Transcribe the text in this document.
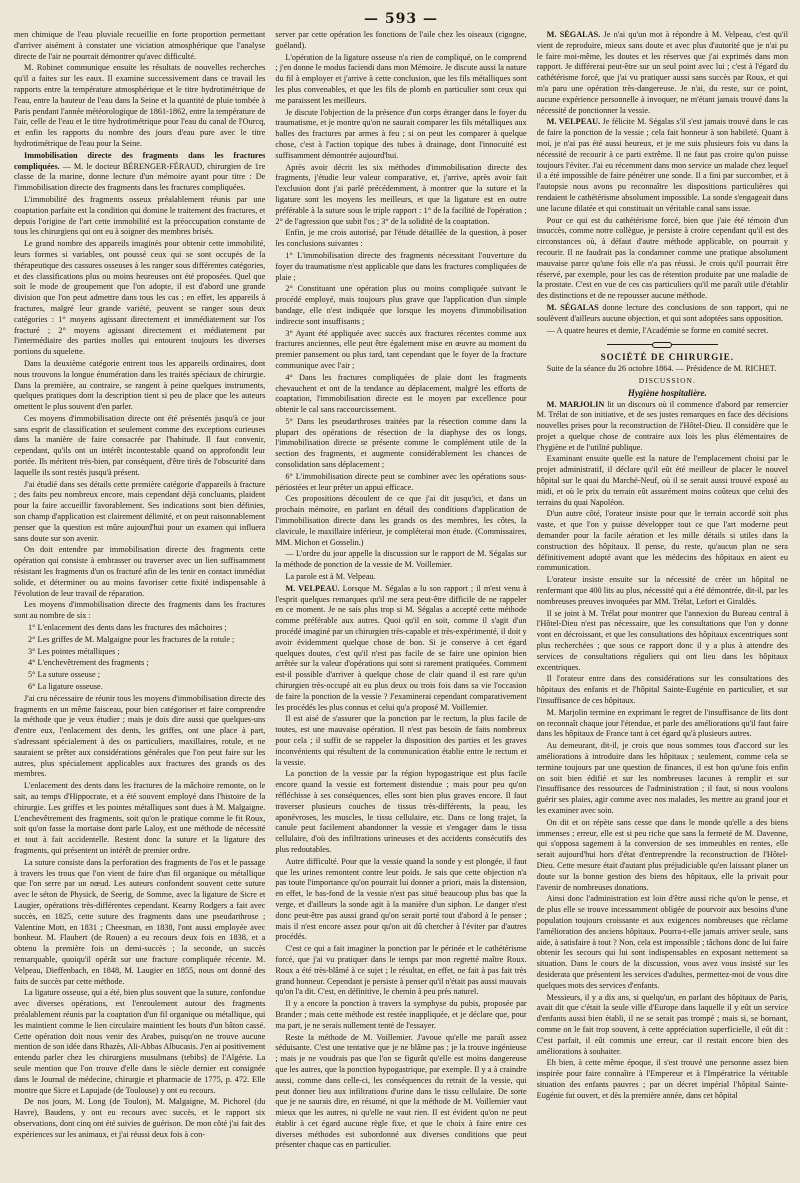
— 593 —

men chimique de l'eau pluviale recueillie en forte proportion permettant d'arriver aisément à constater une viciation atmosphérique que l'analyse directe de l'air ne pourrait démontrer qu'avec difficulté.

M. Robinet communique ensuite les résultats de nouvelles recherches qu'il a faites sur les eaux. Il examine successivement dans ce travail les rapports entre la température atmosphérique et le titre hydrotimétrique de l'eau, entre la hauteur de l'eau dans la Seine et la quantité de pluie tombée à Paris pendant l'année météorologique de 1861-1862, entre la température de l'air, celle de l'eau et le titre hydrotimétrique pour l'eau du canal de l'Ourcq, et enfin les rapports du nombre des jours d'eau pure avec le titre hydrotimétrique de l'eau pour la Seine.

Immobilisation directe des fragments dans les fractures compliquées. — M. le docteur BÉRENGER-FÉRAUD, chirurgien de 1re classe de la marine, donne lecture d'un mémoire ayant pour titre : De l'immobilisation directe des fragments dans les fractures compliquées.

L'immobilité des fragments osseux préalablement réunis par une coaptation parfaite est la condition qui domine le traitement des fractures, et depuis l'origine de l'art cette immobilité est la préoccupation constante de tous les chirurgiens qui ont eu à soigner des membres brisés.

Le grand nombre des appareils imaginés pour obtenir cette immobilité, leurs formes si variables, ont poussé ceux qui se sont occupés de la thérapeutique des cassures osseuses à les ranger sous différentes catégories, et des classifications plus ou moins heureuses ont été proposées. Quel que soit le mode de groupement que l'on adopte, il est d'abord une grande division que l'on peut admettre dans tous les cas ; en effet, les appareils à fractures, malgré leur grande variété, peuvent se ranger sous deux catégories : 1° moyens agissant directement et immédiatement sur l'os fracturé ; 2° moyens agissant directement et médiatement par l'intermédiaire des parties molles qui entourent toujours les diverses portions du squelette.

Dans la deuxième catégorie entrent tous les appareils ordinaires, dont nous trouvons la longue énumération dans les traités spéciaux de chirurgie. Dans la première, au contraire, se rangent à peine quelques instruments, quelques pratiques dont la description tient si peu de place que les auteurs omettent le plus souvent d'en parler.

Ces moyens d'immobilisation directe ont été présentés jusqu'à ce jour sans esprit de classification et seulement comme des exceptions curieuses dans la manière de faire consacrée par l'habitude. Il faut convenir, cependant, qu'ils ont un intérêt incontestable quand on approfondit leur portée. Ils méritent très-bien, par conséquent, d'être tirés de l'obscurité dans laquelle ils sont restés jusqu'à présent.

J'ai étudié dans ses détails cette première catégorie d'appareils à fracture ; des faits peu nombreux encore, mais cependant déjà concluants, plaident pour la faire accueillir favorablement. Ses indications sont bien définies, son champ d'application est clairement délimité, et on peut raisonnablement penser que la question est mûre aujourd'hui pour un examen qui influera sans doute sur son avenir.

On doit entendre par immobilisation directe des fragments cette opération qui consiste à embrasser ou traverser avec un lien suffisamment résistant les fragments d'un os fracturé afin de les tenir en contact immédiat solide, et déterminer ou au moins favoriser cette fixité indispensable à l'évolution de leur travail de réparation.

Les moyens d'immobilisation directe des fragments dans les fractures sont au nombre de six :

1° L'enlacement des dents dans les fractures des mâchoires ;

2° Les griffes de M. Malgaigne pour les fractures de la rotule ;

3° Les pointes métalliques ;

4° L'enchevêtrement des fragments ;

5° La suture osseuse ;

6° La ligature osseuse.

J'ai cru nécessaire de réunir tous les moyens d'immobilisation directe des fragments en un même faisceau, pour bien catégoriser et faire comprendre la méthode que je veux étudier ; mais je dois dire aussi que quelques-uns d'entre eux, l'enlacement des dents, les griffes, ont une place à part, s'adressant spécialement à des os particuliers, maxillaires, rotule, et ne sauraient se prêter aux considérations générales que l'on peut faire sur les autres, plus spécialement applicables aux fractures des grands os des membres.

L'enlacement des dents dans les fractures de la mâchoire remonte, on le sait, au temps d'Hippocrate, et a été souvent employé dans l'histoire de la chirurgie. Les griffes et les pointes métalliques sont dues à M. Malgaigne. L'enchevêtrement des fragments, soit qu'on le pratique comme le fit Roux, soit qu'on fasse la mortaise dont parle Laloy, est une méthode de nécessité et tout à fait accidentelle. Restent donc la suture et la ligature des fragments, qui présentent un intérêt de premier ordre.

La suture consiste dans la perforation des fragments de l'os et le passage à travers les trous que l'on vient de faire d'un fil organique ou métallique que l'on serre par un nœud. Les auteurs confondent souvent cette suture avec le séton de Physick, de Seerig, de Somme, avec la ligature de Sicre et Laugier, opérations très-différentes cependant. Kearny Rodgers a fait avec succès, en 1825, cette suture des fragments dans une pseudarthrose ; Valentine Mott, en 1831 ; Cheesman, en 1838, l'ont aussi employée avec bonheur. M. Flaubert (de Rouen) a eu recours deux fois en 1838, et a obtenu la première fois un demi-succès ; la seconde, un succès remarquable, quoiqu'il opérât sur une fracture compliquée récente. M. Velpeau, Dieffenbach, en 1848, M. Laugier en 1855, nous ont donné des faits de succès par cette méthode.

La ligature osseuse, qui a été, bien plus souvent que la suture, confondue avec diverses opérations, est l'enroulement autour des fragments préalablement réunis par la coaptation d'un fil organique ou métallique, qui les maintient comme le lien circulaire maintient les bouts d'un bâton cassé. Cette opération doit nous venir des Arabes, puisqu'on ne trouve aucune mention de son idée dans Rhazès, Ali-Abbas Albucasis. J'en ai positivement entendu parler chez les chirurgiens musulmans (tebibs) de l'Algérie. La seule mention que l'on trouve d'elle dans le siècle dernier est consignée dans le Journal de médecine, chirurgie et pharmacie de 1775, p. 472. Elle montre que Sicre et Lapujade (de Toulouse) y ont eu recours.

De nos jours, M. Long (de Toulon), M. Malgaigne, M. Pichorel (du Havre), Baudens, y ont eu recours avec succès, et le rapport six observations, dont cinq ont été suivies de guérison. De mon côté j'ai fait des expériences sur les animaux, et j'ai réussi deux fois à con-

server par cette opération les fonctions de l'aile chez les oiseaux (cigogne, goéland).

L'opération de la ligature osseuse n'a rien de compliqué, on le comprend ; j'en donne le modus faciendi dans mon Mémoire. Je discute aussi la nature du fil à employer et j'arrive à cette conclusion, que les fils métalliques sont les plus convenables, et que les fils de plomb en particulier sont ceux qui me paraissent les meilleurs.

Je discute l'objection de la présence d'un corps étranger dans le foyer du traumatisme, et je montre qu'on ne saurait comparer les fils métalliques aux balles des fractures par armes à feu ; si on peut les comparer à quelque chose, c'est à l'action topique des tubes à drainage, dont l'innocuité est suffisamment démontrée aujourd'hui.

Après avoir décrit les six méthodes d'immobilisation directe des fragments, j'étudie leur valeur comparative, et, j'arrive, après avoir fait l'exclusion dont j'ai parlé précédemment, à montrer que la suture et la ligature sont les moyens les meilleurs, et que la ligature est en outre préférable à la suture sous le triple rapport : 1° de la facilité de l'opération ; 2° de l'agression que subit l'os ; 3° de la solidité de la coaptation.

Enfin, je me crois autorisé, par l'étude détaillée de la question, à poser les conclusions suivantes :

1° L'immobilisation directe des fragments nécessitant l'ouverture du foyer du traumatisme n'est applicable que dans les fractures compliquées de plaie ;

2° Constituant une opération plus ou moins compliquée suivant le procédé employé, mais toujours plus grave que l'application d'un simple bandage, elle n'est indiquée que lorsque les moyens d'immobilisation indirecte sont insuffisants ;

3° Ayant été appliquée avec succès aux fractures récentes comme aux fractures anciennes, elle peut être également mise en œuvre au moment du premier pansement ou plus tard, tant cependant que le foyer de la fracture communique avec l'air ;

4° Dans les fractures compliquées de plaie dont les fragments chevauchent et ont de la tendance au déplacement, malgré les efforts de coaptation, l'immobilisation directe est le moyen par excellence pour obtenir le cal sans raccourcissement.

5° Dans les pseudarthroses traitées par la résection comme dans la plupart des opérations de résection de la diaphyse des os longs, l'immobilisation directe se présente comme le complément utile de la section des fragments, et augmente considérablement les chances de consolidation sans déplacement ;

6° L'immobilisation directe peut se combiner avec les opérations sous-périostées et leur prêter un appui efficace.

Ces propositions découlent de ce que j'ai dit jusqu'ici, et dans un prochain mémoire, en parlant en détail des conditions d'application de l'immobilisation directe dans les grands os des membres, les côtes, la clavicule, le maxillaire inférieur, je compléterai mon étude. (Commissaires, MM. Michon et Gosselin.)

— L'ordre du jour appelle la discussion sur le rapport de M. Ségalas sur la méthode de ponction de la vessie de M. Voillemier.

La parole est à M. Velpeau.

M. VELPEAU. Lorsque M. Ségalas a lu son rapport ; il m'est venu à l'esprit quelques remarques qu'il me sera peut-être difficile de ne rappeler en ce moment. Je ne sais plus trop si M. Ségalas a accepté cette méthode comme préférable aux autres. Quoi qu'il en soit, comme il s'agit d'un procédé imaginé par un chirurgien très-capable et très-expérimenté, il doit y avoir évidemment quelque chose de bon. Si je conserve à cet égard quelques doutes, c'est qu'il n'est pas facile de se faire une opinion bien arrêtée sur la valeur d'opérations qui sont si rarement pratiquées. Comment est-il possible d'arriver à quelque chose de clair quand il est rare qu'un chirurgien très-occupé ait eu plus deux ou trois fois dans sa vie l'occasion de faire la ponction de la vessie ? J'examinerai cependant comparativement les procédés les plus connus et celui qu'a proposé M. Voillemier.

Il est aisé de s'assurer que la ponction par le rectum, la plus facile de toutes, est une mauvaise opération. Il n'est pas besoin de faits nombreux pour cela ; il suffit de se rappeler la disposition des parties et les graves inconvénients qui résultent de la communication établie entre le rectum et la vessie.

La ponction de la vessie par la région hypogastrique est plus facile encore quand la vessie est fortement distendue ; mais pour peu qu'on réfléchisse à ses conséquences, elles sont bien plus graves encore. Il faut traverser plusieurs couches de tissus très-différents, la peau, les aponévroses, les muscles, le tissu cellulaire, etc. Dans ce long trajet, la canule peut facilement abandonner la vessie et s'engager dans le tissu cellulaire, d'où des infiltrations urineuses et des accidents consécutifs des plus redoutables.

Autre difficulté. Pour que la vessie quand la sonde y est plongée, il faut que les urines remontent contre leur poids. Je sais que cette objection n'a pas toute l'importance qu'on pourrait lui donner a priori, mais la distension, en effet, le bas-fond de la vessie n'est pas situé beaucoup plus bas que la verge, et d'ailleurs la sonde agit à la manière d'un siphon. Le danger n'est donc peut-être pas aussi grand qu'on serait porté tout d'abord à le penser ; mais il n'est encore assez pour qu'on ait dû chercher à l'éviter par d'autres procédés.

C'est ce qui a fait imaginer la ponction par le périnée et le cathétérisme forcé, que j'ai vu pratiquer dans le temps par mon regretté maître Roux. Roux a été très-blâmé à ce sujet ; le résultat, en effet, ne fait à pas fait très grand honneur. Cependant je persiste à penser qu'il n'était pas aussi mauvais qu'on l'a dit. C'est, en définitive, le chemin à peu près naturel.

Il y a encore la ponction à travers la symphyse du pubis, proposée par Brander ; mais cette méthode est restée inappliquée, et je déclare que, pour ma part, je ne serais nullement tenté de l'essayer.

Reste la méthode de M. Voillemier. J'avoue qu'elle me paraît assez séduisante. C'est une tentative que je ne blâme pas ; je la trouve ingénieuse ; mais je ne voudrais pas que l'on se figurât qu'elle est moins dangereuse que les autres, que la ponction hypogastrique, par exemple. Il y a à craindre aussi, comme dans celle-ci, les conséquences du retrait de la vessie, qui peut donner lieu aux infiltrations d'urine dans le tissu cellulaire. De sorte que je ne saurais dire, en résumé, ni que la méthode de M. Voillemier vaut mieux que les autres, ni qu'elle ne vaut rien. Il est évident qu'on ne peut établir à cet égard aucune règle fixe, et que le choix à faire entre ces diverses méthodes est subordonné aux diverses conditions que peut présenter chaque cas en particulier.

M. SÉGALAS. Je n'ai qu'un mot à répondre à M. Velpeau, c'est qu'il vient de reproduire, mieux sans doute et avec plus d'autorité que je n'ai pu le faire moi-même, les doutes et les réserves que j'ai exprimés dans mon rapport. Je différerai peut-être sur un seul point avec lui ; c'est à l'égard du cathétérisme forcé, que j'ai vu pratiquer aussi sans succès par Roux, et qui m'a paru une opération très-dangereuse. Je n'ai, du reste, sur ce point, aucune expérience personnelle à invoquer, ne m'étant jamais trouvé dans la nécessité de ponctionner la vessie.

M. VELPEAU. Je félicite M. Ségalas s'il s'est jamais trouvé dans le cas de faire la ponction de la vessie ; cela fait honneur à son habileté. Quant à moi, je n'ai pas été aussi heureux, et je me suis plusieurs fois vu dans la nécessité de recourir à ce parti extrême. Il ne faut pas croire qu'on puisse toujours l'éviter. J'ai eu récemment dans mon service un malade chez lequel il a été impossible de faire pénétrer une sonde. Il a fini par succomber, et à l'autopsie nous avons pu reconnaître les dispositions particulières qui rendaient le cathétérisme absolument impossible. La sonde s'engageait dans une lacune dilatée et qui constituait un véritable canal sans issue.

Pour ce qui est du cathétérisme forcé, bien que j'aie été témoin d'un insuccès, comme notre collègue, je persiste à croire cependant qu'il est des circonstances où, à défaut d'autre méthode applicable, on pourrait y recourir. Il ne faudrait pas la condamner comme une pratique absolument mauvaise parce qu'une fois elle n'a pas réussi. Je crois qu'il pourrait être réservé, par exemple, pour les cas de rétention produite par une maladie de la prostate. C'est en vue de ces cas particuliers qu'il me paraît utile d'établir des distinctions et de ne repousser aucune méthode.

M. SÉGALAS donne lecture des conclusions de son rapport, qui ne soulèvent d'ailleurs aucune objection, et qui sont adoptées sans opposition.

— A quatre heures et demie, l'Académie se forme en comité secret.

SOCIÉTÉ DE CHIRURGIE.

Suite de la séance du 26 octobre 1864. — Présidence de M. RICHET.

DISCUSSION.

Hygiène hospitalière.

M. MARJOLIN lit un discours où il commence d'abord par remercier M. Trélat de son initiative, et de ses justes remarques en face des décisions nouvelles prises pour la reconstruction de l'Hôtel-Dieu. Il considère que le projet a quelque chose de contraire aux lois les plus élémentaires de l'hygiène et de l'utilité publique.

Examinant ensuite quelle est la nature de l'emplacement choisi par le projet administratif, il déclare qu'il eût été meilleur de placer le nouvel hôpital sur le quai du Marché-Neuf, où il se serait aussi trouvé exposé au midi, et où le prix du terrain eût assurément moins coûteux que celui des terrains du quai Napoléon.

D'un autre côté, l'orateur insiste pour que le terrain accordé soit plus vaste, et que l'on y puisse développer tout ce que l'art moderne peut demander pour la facile aération et les mille détails si utiles dans la construction des hôpitaux. Il pense, du reste, qu'aucun plan ne sera définitivement adopté avant que les médecins des hôpitaux en aient eu communication.

L'orateur insiste ensuite sur la nécessité de créer un hôpital ne renfermant que 400 lits au plus, nécessité qui a été démontrée, dit-il, par les nombreuses preuves invoquées par MM. Trélat, Lefort et Giraldès.

Il se joint à M. Trélat pour montrer que l'annexion du Bureau central à l'Hôtel-Dieu n'est pas nécessaire, que les consultations que l'on y donne vont en décroissant, et que les consultations des hôpitaux excentriques sont plus recherchées ; que sous ce rapport donc il y a plus à attendre des services de consultations réguliers qui ont lieu dans les hôpitaux excentriques.

Il l'orateur entre dans des considérations sur les consultations des hôpitaux des enfants et de l'hôpital Sainte-Eugénie en particulier, et sur l'insuffisance de ces hôpitaux.

M. Marjolin termine en exprimant le regret de l'insuffisance de lits dont on reconnaît chaque jour l'étendue, et parle des améliorations qu'il faut faire dans les hôpitaux de France tant à cet égard qu'à plusieurs autres.

Au demeurant, dit-il, je crois que nous sommes tous d'accord sur les améliorations à introduire dans les hôpitaux ; seulement, comme cela se termine toujours par une question de finances, il est bon qu'une fois enfin on soit bien édifié et sur les nombreuses lacunes à remplir et sur l'insuffisance des ressources de l'administration ; il faut, si nous voulons guérir ses plaies, agir comme avec nos malades, les mettre au grand jour et les examiner avec soin.

On dit et on répète sans cesse que dans le monde qu'elle a des biens immenses ; erreur, elle est si peu riche que sans la fermeté de M. Davenne, qui s'opposa sagement à la conversion de ses immeubles en rentes, elle serait aujourd'hui hors d'état d'entreprendre la reconstruction de l'Hôtel-Dieu. Cette mesure était d'autant plus préjudiciable qu'en laissant planer un doute sur la bonne gestion des biens des hôpitaux, elle la privait pour l'avenir de nombreuses donations.

Ainsi donc l'administration est loin d'être aussi riche qu'on le pense, et de plus elle se trouve incessamment obligée de pourvoir aux besoins d'une population toujours croissante et aux exigences nombreuses que réclame l'amélioration des anciens hôpitaux. Pourra-t-elle jamais arriver seule, sans aide, à satisfaire à tout ? Non, cela est impossible ; tâchons donc de lui faire obtenir les secours qui lui sont indispensables en exposant nettement sa situation. Dans le cours de la discussion, vous avez vous insisté sur les desiderata que présentent les services d'adultes, permettez-moi de vous dire quelques mots des services d'enfants.

Messieurs, il y a dix ans, si quelqu'un, en parlant des hôpitaux de Paris, avait dit que c'était la seule ville d'Europe dans laquelle il y eût un service d'enfants aussi bien établi, il ne se serait pas trompé ; mais si, se bornant, comme on le fait trop souvent, à cette appréciation superficielle, il eût dit : C'est parfait, il eût commis une erreur, car il restait encore bien des améliorations à souhaiter.

Eh bien, à cette même époque, il s'est trouvé une personne assez bien inspirée pour faire connaître à l'Empereur et à l'Impératrice la véritable situation des enfants pauvres ; par un décret impérial l'hôpital Sainte-Eugénie fut ouvert, et dès la première année, dans cet hôpital
